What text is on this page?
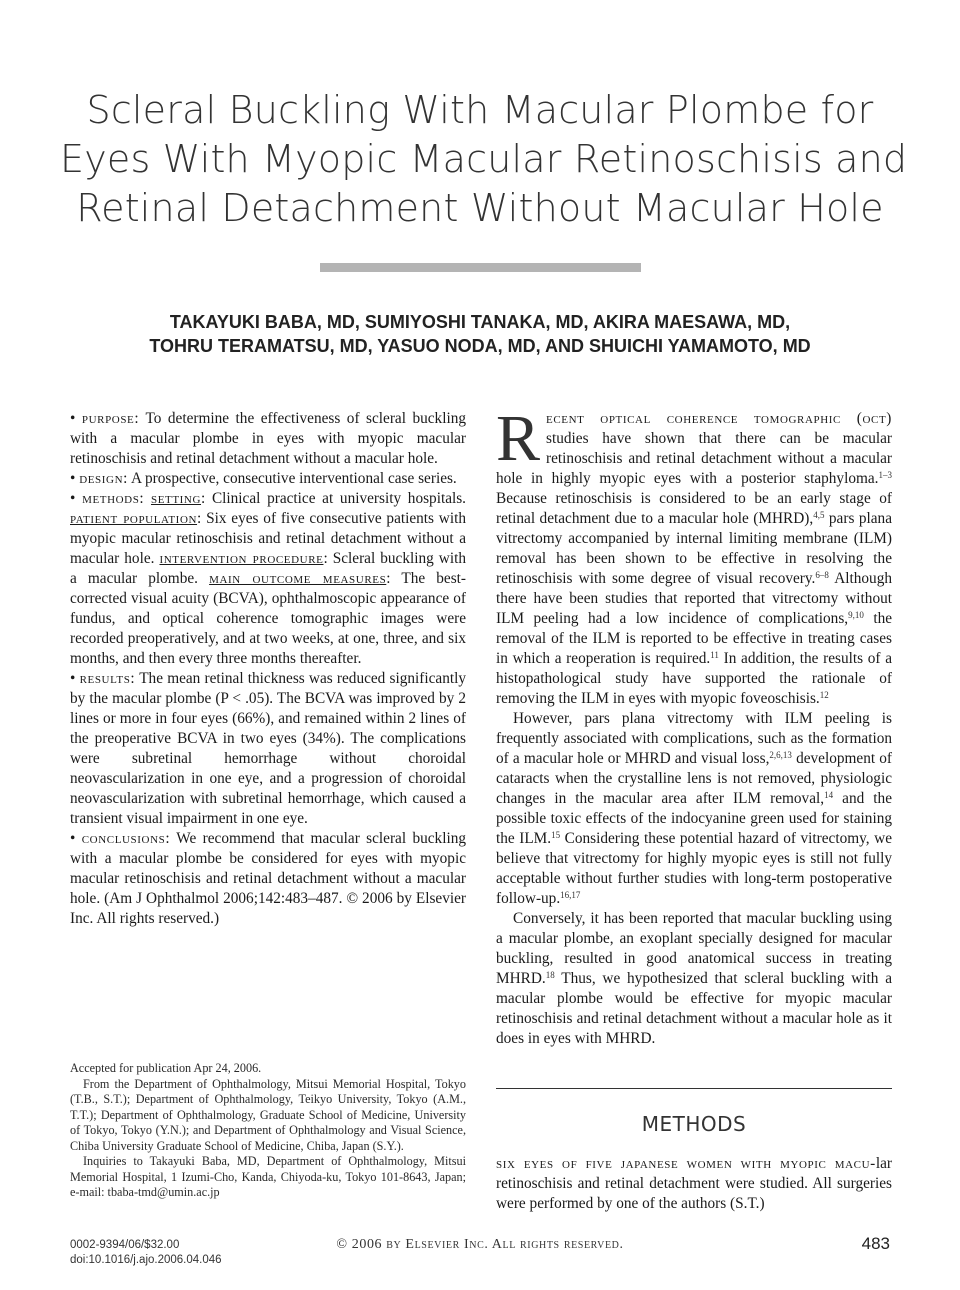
Scleral Buckling With Macular Plombe for
Eyes With Myopic Macular Retinoschisis and
Retinal Detachment Without Macular Hole
TAKAYUKI BABA, MD, SUMIYOSHI TANAKA, MD, AKIRA MAESAWA, MD,
TOHRU TERAMATSU, MD, YASUO NODA, MD, AND SHUICHI YAMAMOTO, MD

• purpose: To determine the effectiveness of scleral buckling with a macular plombe in eyes with myopic macular retinoschisis and retinal detachment without a macular hole.

• design: A prospective, consecutive interventional case series.

• methods: setting: Clinical practice at university hospitals. patient population: Six eyes of five consecutive patients with myopic macular retinoschisis and retinal detachment without a macular hole. intervention procedure: Scleral buckling with a macular plombe. main outcome measures: The best-corrected visual acuity (BCVA), ophthalmoscopic appearance of fundus, and optical coherence tomographic images were recorded preoperatively, and at two weeks, at one, three, and six months, and then every three months thereafter.

• results: The mean retinal thickness was reduced significantly by the macular plombe (P < .05). The BCVA was improved by 2 lines or more in four eyes (66%), and remained within 2 lines of the preoperative BCVA in two eyes (34%). The complications were subretinal hemorrhage without choroidal neovascularization in one eye, and a progression of choroidal neovascularization with subretinal hemorrhage, which caused a transient visual impairment in one eye.

• conclusions: We recommend that macular scleral buckling with a macular plombe be considered for eyes with myopic macular retinoschisis and retinal detachment without a macular hole. (Am J Ophthalmol 2006;142:483–487. © 2006 by Elsevier Inc. All rights reserved.)

Accepted for publication Apr 24, 2006.

From the Department of Ophthalmology, Mitsui Memorial Hospital, Tokyo (T.B., S.T.); Department of Ophthalmology, Teikyo University, Tokyo (A.M., T.T.); Department of Ophthalmology, Graduate School of Medicine, University of Tokyo, Tokyo (Y.N.); and Department of Ophthalmology and Visual Science, Chiba University Graduate School of Medicine, Chiba, Japan (S.Y.).

Inquiries to Takayuki Baba, MD, Department of Ophthalmology, Mitsui Memorial Hospital, 1 Izumi-Cho, Kanda, Chiyoda-ku, Tokyo 101-8643, Japan; e-mail: tbaba-tmd@umin.ac.jp

Recent optical coherence tomographic (oct) studies have shown that there can be macular retinoschisis and retinal detachment without a macular hole in highly myopic eyes with a posterior staphyloma.$^{1-3}$ Because retinoschisis is considered to be an early stage of retinal detachment due to a macular hole (MHRD),$^{4,5}$ pars plana vitrectomy accompanied by internal limiting membrane (ILM) removal has been shown to be effective in resolving the retinoschisis with some degree of visual recovery.$^{6-8}$ Although there have been studies that reported that vitrectomy without ILM peeling had a low incidence of complications,$^{9,10}$ the removal of the ILM is reported to be effective in treating cases in which a reoperation is required.$^{11}$ In addition, the results of a histopathological study have supported the rationale of removing the ILM in eyes with myopic foveoschisis.$^{12}$

However, pars plana vitrectomy with ILM peeling is frequently associated with complications, such as the formation of a macular hole or MHRD and visual loss,$^{2,6,13}$ development of cataracts when the crystalline lens is not removed, physiologic changes in the macular area after ILM removal,$^{14}$ and the possible toxic effects of the indocyanine green used for staining the ILM.$^{15}$ Considering these potential hazard of vitrectomy, we believe that vitrectomy for highly myopic eyes is still not fully acceptable without further studies with long-term postoperative follow-up.$^{16,17}$

Conversely, it has been reported that macular buckling using a macular plombe, an exoplant specially designed for macular buckling, resulted in good anatomical success in treating MHRD.$^{18}$ Thus, we hypothesized that scleral buckling with a macular plombe would be effective for myopic macular retinoschisis and retinal detachment without a macular hole as it does in eyes with MHRD.

METHODS

six eyes of five japanese women with myopic macu-lar retinoschisis and retinal detachment were studied. All surgeries were performed by one of the authors (S.T.)

0002-9394/06/$32.00
doi:10.1016/j.ajo.2006.04.046
© 2006 by Elsevier Inc. All rights reserved.	483
